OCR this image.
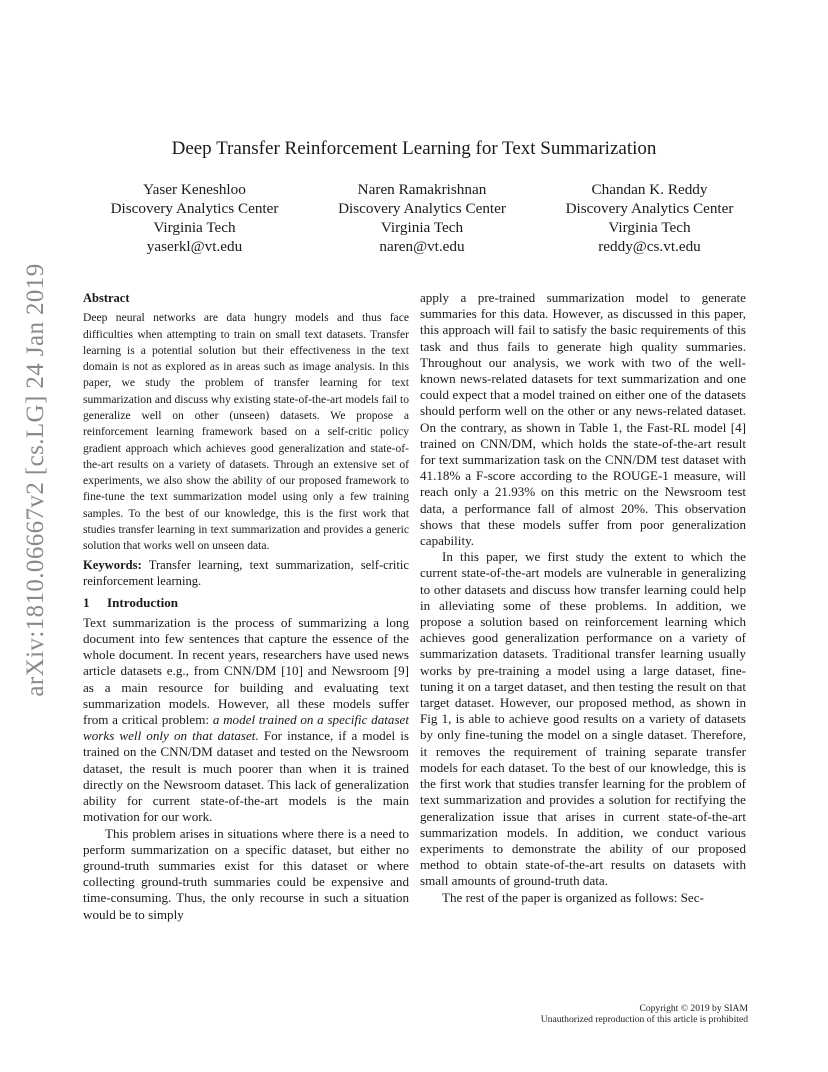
arXiv:1810.06667v2 [cs.LG] 24 Jan 2019
Deep Transfer Reinforcement Learning for Text Summarization
Yaser Keneshloo
Discovery Analytics Center
Virginia Tech
yaserkl@vt.edu
Naren Ramakrishnan
Discovery Analytics Center
Virginia Tech
naren@vt.edu
Chandan K. Reddy
Discovery Analytics Center
Virginia Tech
reddy@cs.vt.edu
Abstract
Deep neural networks are data hungry models and thus face difficulties when attempting to train on small text datasets. Transfer learning is a potential solution but their effectiveness in the text domain is not as explored as in areas such as image analysis. In this paper, we study the problem of transfer learning for text summarization and discuss why existing state-of-the-art models fail to generalize well on other (unseen) datasets. We propose a reinforcement learning framework based on a self-critic policy gradient approach which achieves good generalization and state-of-the-art results on a variety of datasets. Through an extensive set of experiments, we also show the ability of our proposed framework to fine-tune the text summarization model using only a few training samples. To the best of our knowledge, this is the first work that studies transfer learning in text summarization and provides a generic solution that works well on unseen data.
Keywords: Transfer learning, text summarization, self-critic reinforcement learning.
1 Introduction

Text summarization is the process of summarizing a long document into few sentences that capture the essence of the whole document. In recent years, researchers have used news article datasets e.g., from CNN/DM [10] and Newsroom [9] as a main resource for building and evaluating text summarization models. However, all these models suffer from a critical problem: a model trained on a specific dataset works well only on that dataset. For instance, if a model is trained on the CNN/DM dataset and tested on the Newsroom dataset, the result is much poorer than when it is trained directly on the Newsroom dataset. This lack of generalization ability for current state-of-the-art models is the main motivation for our work.

This problem arises in situations where there is a need to perform summarization on a specific dataset, but either no ground-truth summaries exist for this dataset or where collecting ground-truth summaries could be expensive and time-consuming. Thus, the only recourse in such a situation would be to simply

apply a pre-trained summarization model to generate summaries for this data. However, as discussed in this paper, this approach will fail to satisfy the basic requirements of this task and thus fails to generate high quality summaries. Throughout our analysis, we work with two of the well-known news-related datasets for text summarization and one could expect that a model trained on either one of the datasets should perform well on the other or any news-related dataset. On the contrary, as shown in Table 1, the Fast-RL model [4] trained on CNN/DM, which holds the state-of-the-art result for text summarization task on the CNN/DM test dataset with 41.18% a F-score according to the ROUGE-1 measure, will reach only a 21.93% on this metric on the Newsroom test data, a performance fall of almost 20%. This observation shows that these models suffer from poor generalization capability.

In this paper, we first study the extent to which the current state-of-the-art models are vulnerable in generalizing to other datasets and discuss how transfer learning could help in alleviating some of these problems. In addition, we propose a solution based on reinforcement learning which achieves good generalization performance on a variety of summarization datasets. Traditional transfer learning usually works by pre-training a model using a large dataset, fine-tuning it on a target dataset, and then testing the result on that target dataset. However, our proposed method, as shown in Fig 1, is able to achieve good results on a variety of datasets by only fine-tuning the model on a single dataset. Therefore, it removes the requirement of training separate transfer models for each dataset. To the best of our knowledge, this is the first work that studies transfer learning for the problem of text summarization and provides a solution for rectifying the generalization issue that arises in current state-of-the-art summarization models. In addition, we conduct various experiments to demonstrate the ability of our proposed method to obtain state-of-the-art results on datasets with small amounts of ground-truth data.

The rest of the paper is organized as follows: Sec-

Copyright © 2019 by SIAM
Unauthorized reproduction of this article is prohibited
